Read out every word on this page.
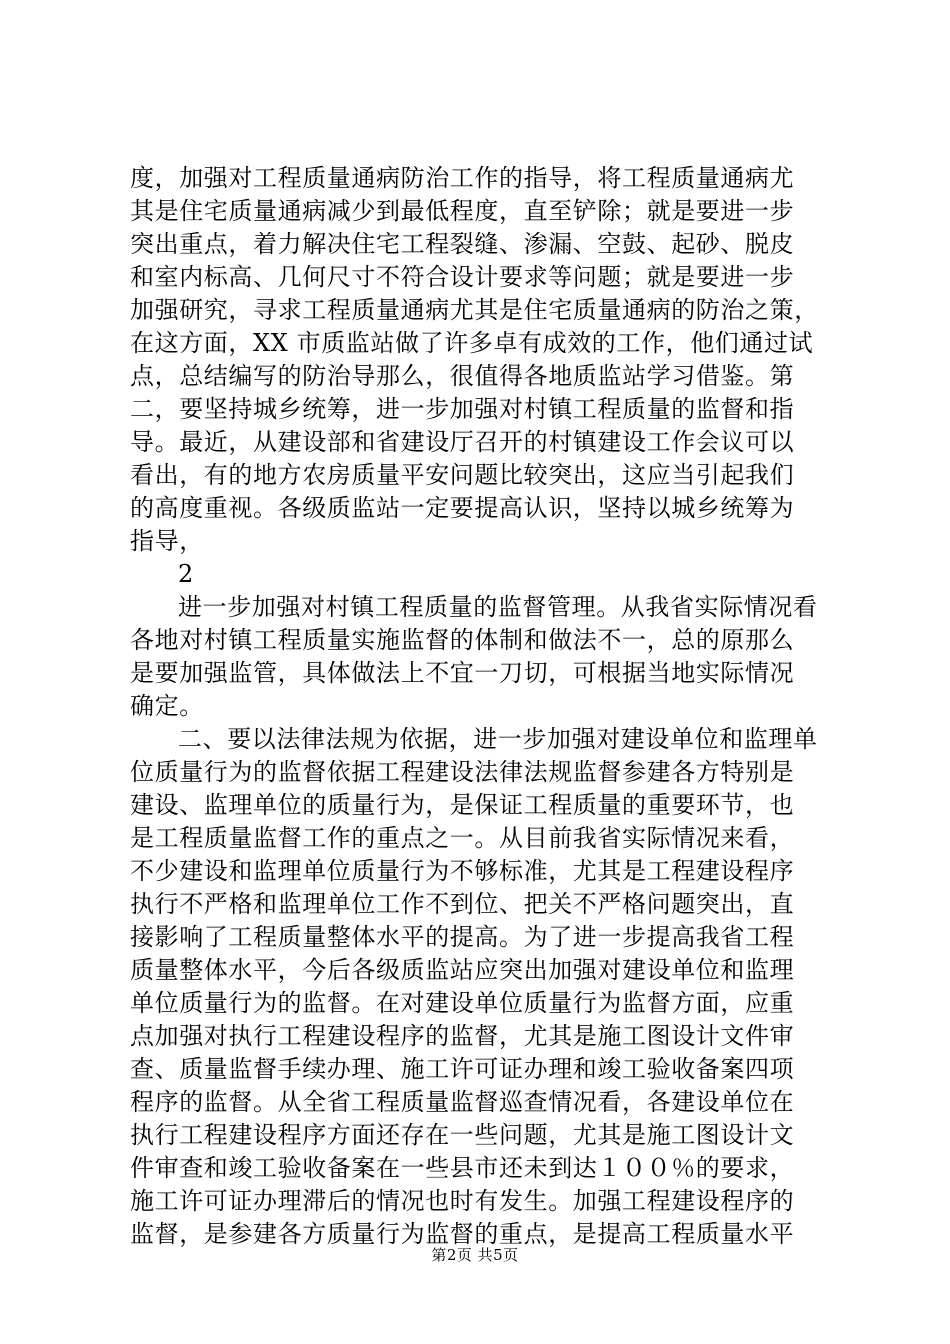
度，加强对工程质量通病防治工作的指导，将工程质量通病尤
其是住宅质量通病减少到最低程度，直至铲除；就是要进一步
突出重点，着力解决住宅工程裂缝、渗漏、空鼓、起砂、脱皮
和室内标高、几何尺寸不符合设计要求等问题；就是要进一步
加强研究，寻求工程质量通病尤其是住宅质量通病的防治之策，
在这方面，XX 市质监站做了许多卓有成效的工作，他们通过试
点，总结编写的防治导那么，很值得各地质监站学习借鉴。第
二，要坚持城乡统筹，进一步加强对村镇工程质量的监督和指
导。最近，从建设部和省建设厅召开的村镇建设工作会议可以
看出，有的地方农房质量平安问题比较突出，这应当引起我们
的高度重视。各级质监站一定要提高认识，坚持以城乡统筹为
指导，
2
进一步加强对村镇工程质量的监督管理。从我省实际情况看
各地对村镇工程质量实施监督的体制和做法不一，总的原那么
是要加强监管，具体做法上不宜一刀切，可根据当地实际情况
确定。
二、要以法律法规为依据，进一步加强对建设单位和监理单
位质量行为的监督依据工程建设法律法规监督参建各方特别是
建设、监理单位的质量行为，是保证工程质量的重要环节，也
是工程质量监督工作的重点之一。从目前我省实际情况来看，
不少建设和监理单位质量行为不够标准，尤其是工程建设程序
执行不严格和监理单位工作不到位、把关不严格问题突出，直
接影响了工程质量整体水平的提高。为了进一步提高我省工程
质量整体水平，今后各级质监站应突出加强对建设单位和监理
单位质量行为的监督。在对建设单位质量行为监督方面，应重
点加强对执行工程建设程序的监督，尤其是施工图设计文件审
查、质量监督手续办理、施工许可证办理和竣工验收备案四项
程序的监督。从全省工程质量监督巡查情况看，各建设单位在
执行工程建设程序方面还存在一些问题，尤其是施工图设计文
件审查和竣工验收备案在一些县市还未到达１００％的要求，
施工许可证办理滞后的情况也时有发生。加强工程建设程序的
监督，是参建各方质量行为监督的重点，是提高工程质量水平
第2页 共5页
